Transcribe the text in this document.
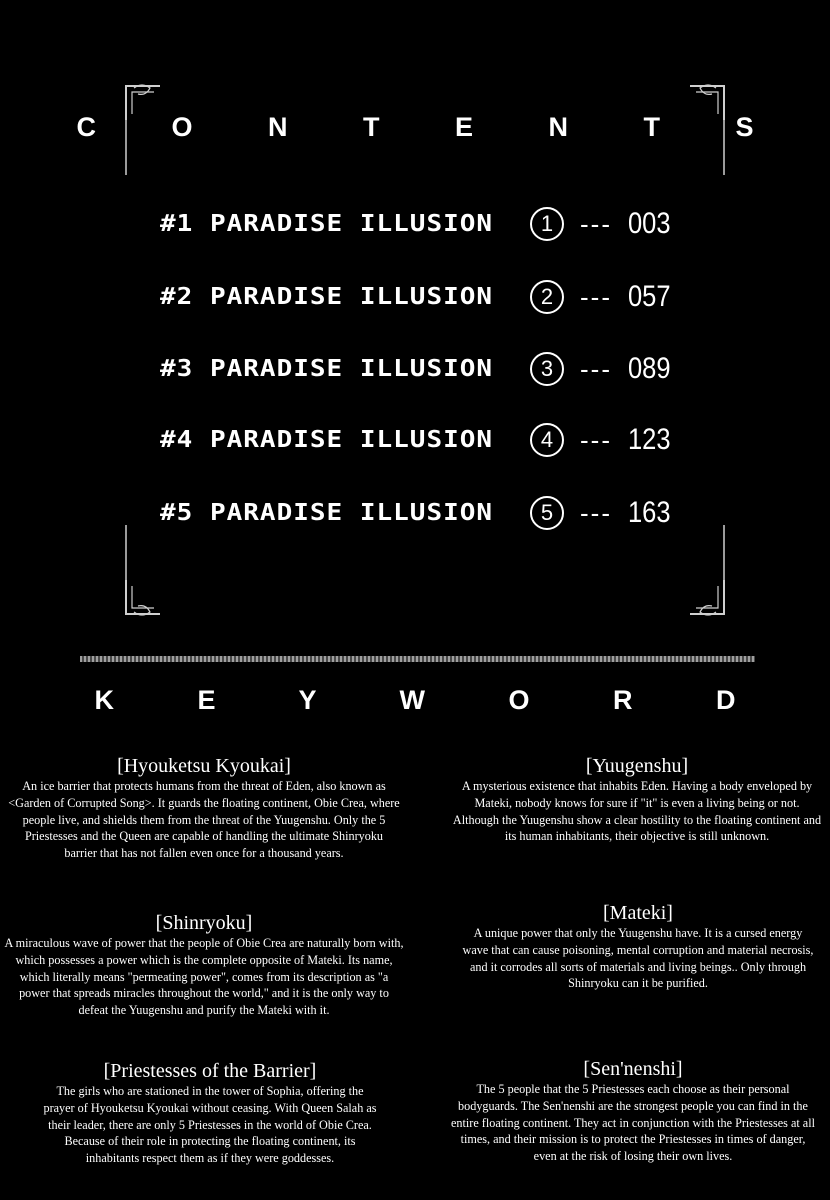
C O N T E N T S
#1 PARADISE ILLUSION	1	--- 003
#2 PARADISE ILLUSION	2	--- 057
#3 PARADISE ILLUSION	3	--- 089
#4 PARADISE ILLUSION	4	--- 123
#5 PARADISE ILLUSION	5	--- 163
K E Y W O R D
[Hyouketsu Kyoukai]
An ice barrier that protects humans from the threat of Eden, also known as <Garden of Corrupted Song>. It guards the floating continent, Obie Crea, where people live, and shields them from the threat of the Yuugenshu. Only the 5 Priestesses and the Queen are capable of handling the ultimate Shinryoku barrier that has not fallen even once for a thousand years.
[Yuugenshu]
A mysterious existence that inhabits Eden. Having a body enveloped by Mateki, nobody knows for sure if "it" is even a living being or not. Although the Yuugenshu show a clear hostility to the floating continent and its human inhabitants, their objective is still unknown.
[Shinryoku]
A miraculous wave of power that the people of Obie Crea are naturally born with, which possesses a power which is the complete opposite of Mateki. Its name, which literally means "permeating power", comes from its description as "a power that spreads miracles throughout the world," and it is the only way to defeat the Yuugenshu and purify the Mateki with it.
[Mateki]
A unique power that only the Yuugenshu have. It is a cursed energy wave that can cause poisoning, mental corruption and material necrosis, and it corrodes all sorts of materials and living beings.. Only through Shinryoku can it be purified.
[Priestesses of the Barrier]
The girls who are stationed in the tower of Sophia, offering the prayer of Hyouketsu Kyoukai without ceasing. With Queen Salah as their leader, there are only 5 Priestesses in the world of Obie Crea. Because of their role in protecting the floating continent, its inhabitants respect them as if they were goddesses.
[Sen'nenshi]
The 5 people that the 5 Priestesses each choose as their personal bodyguards. The Sen'nenshi are the strongest people you can find in the entire floating continent. They act in conjunction with the Priestesses at all times, and their mission is to protect the Priestesses in times of danger, even at the risk of losing their own lives.
